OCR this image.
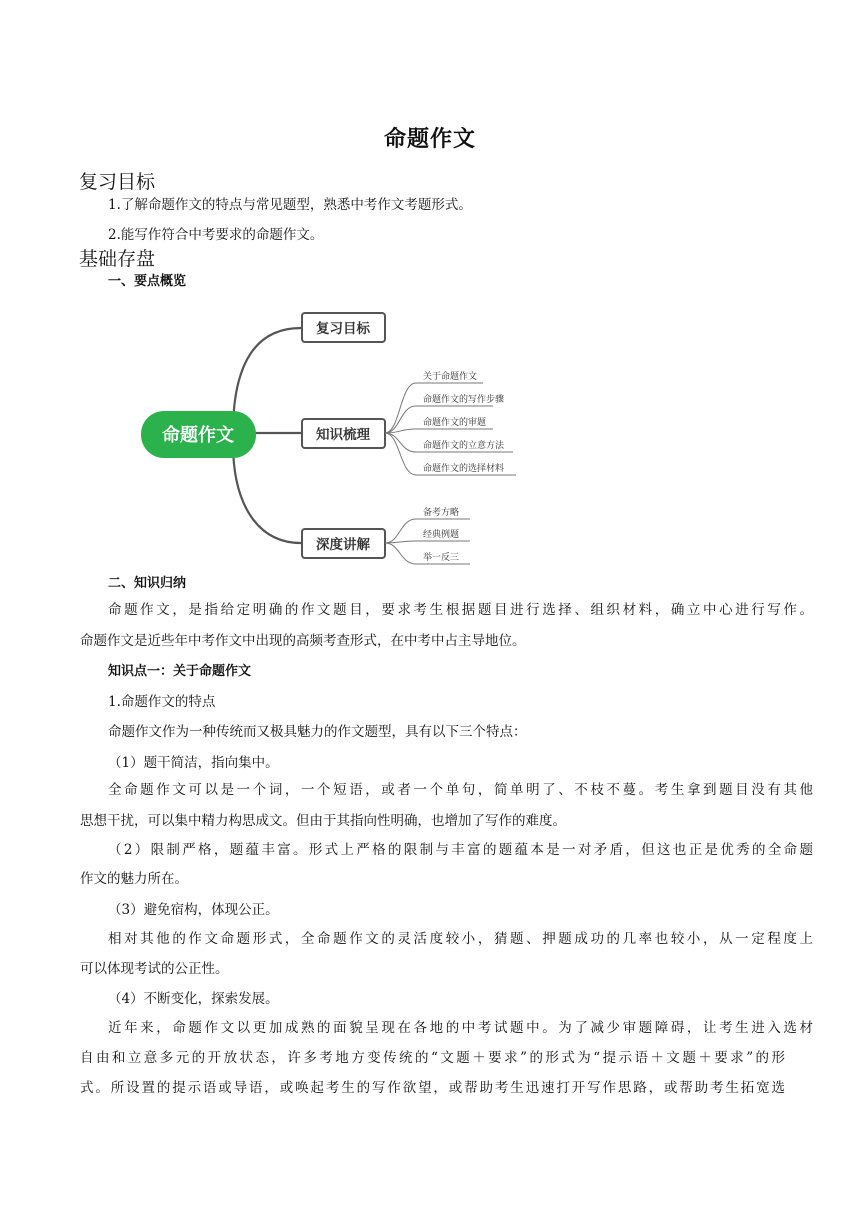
命题作文
复习目标
1.了解命题作文的特点与常见题型，熟悉中考作文考题形式。
2.能写作符合中考要求的命题作文。
基础存盘
一、要点概览
命题作文
复习目标
知识梳理
深度讲解
关于命题作文
命题作文的写作步骤
命题作文的审题
命题作文的立意方法
命题作文的选择材料
备考方略
经典例题
举一反三
二、知识归纳
命题作文，是指给定明确的作文题目，要求考生根据题目进行选择、组织材料，确立中心进行写作。
命题作文是近些年中考作文中出现的高频考查形式，在中考中占主导地位。
知识点一：关于命题作文
1.命题作文的特点
命题作文作为一种传统而又极具魅力的作文题型，具有以下三个特点：
（1）题干简洁，指向集中。
全命题作文可以是一个词，一个短语，或者一个单句，简单明了、不枝不蔓。考生拿到题目没有其他
思想干扰，可以集中精力构思成文。但由于其指向性明确，也增加了写作的难度。
（2）限制严格，题蕴丰富。形式上严格的限制与丰富的题蕴本是一对矛盾，但这也正是优秀的全命题
作文的魅力所在。
（3）避免宿构，体现公正。
相对其他的作文命题形式，全命题作文的灵活度较小，猜题、押题成功的几率也较小，从一定程度上
可以体现考试的公正性。
（4）不断变化，探索发展。
近年来，命题作文以更加成熟的面貌呈现在各地的中考试题中。为了减少审题障碍，让考生进入选材
自由和立意多元的开放状态，许多考地方变传统的“文题＋要求”的形式为“提示语＋文题＋要求”的形
式。所设置的提示语或导语，或唤起考生的写作欲望，或帮助考生迅速打开写作思路，或帮助考生拓宽选
